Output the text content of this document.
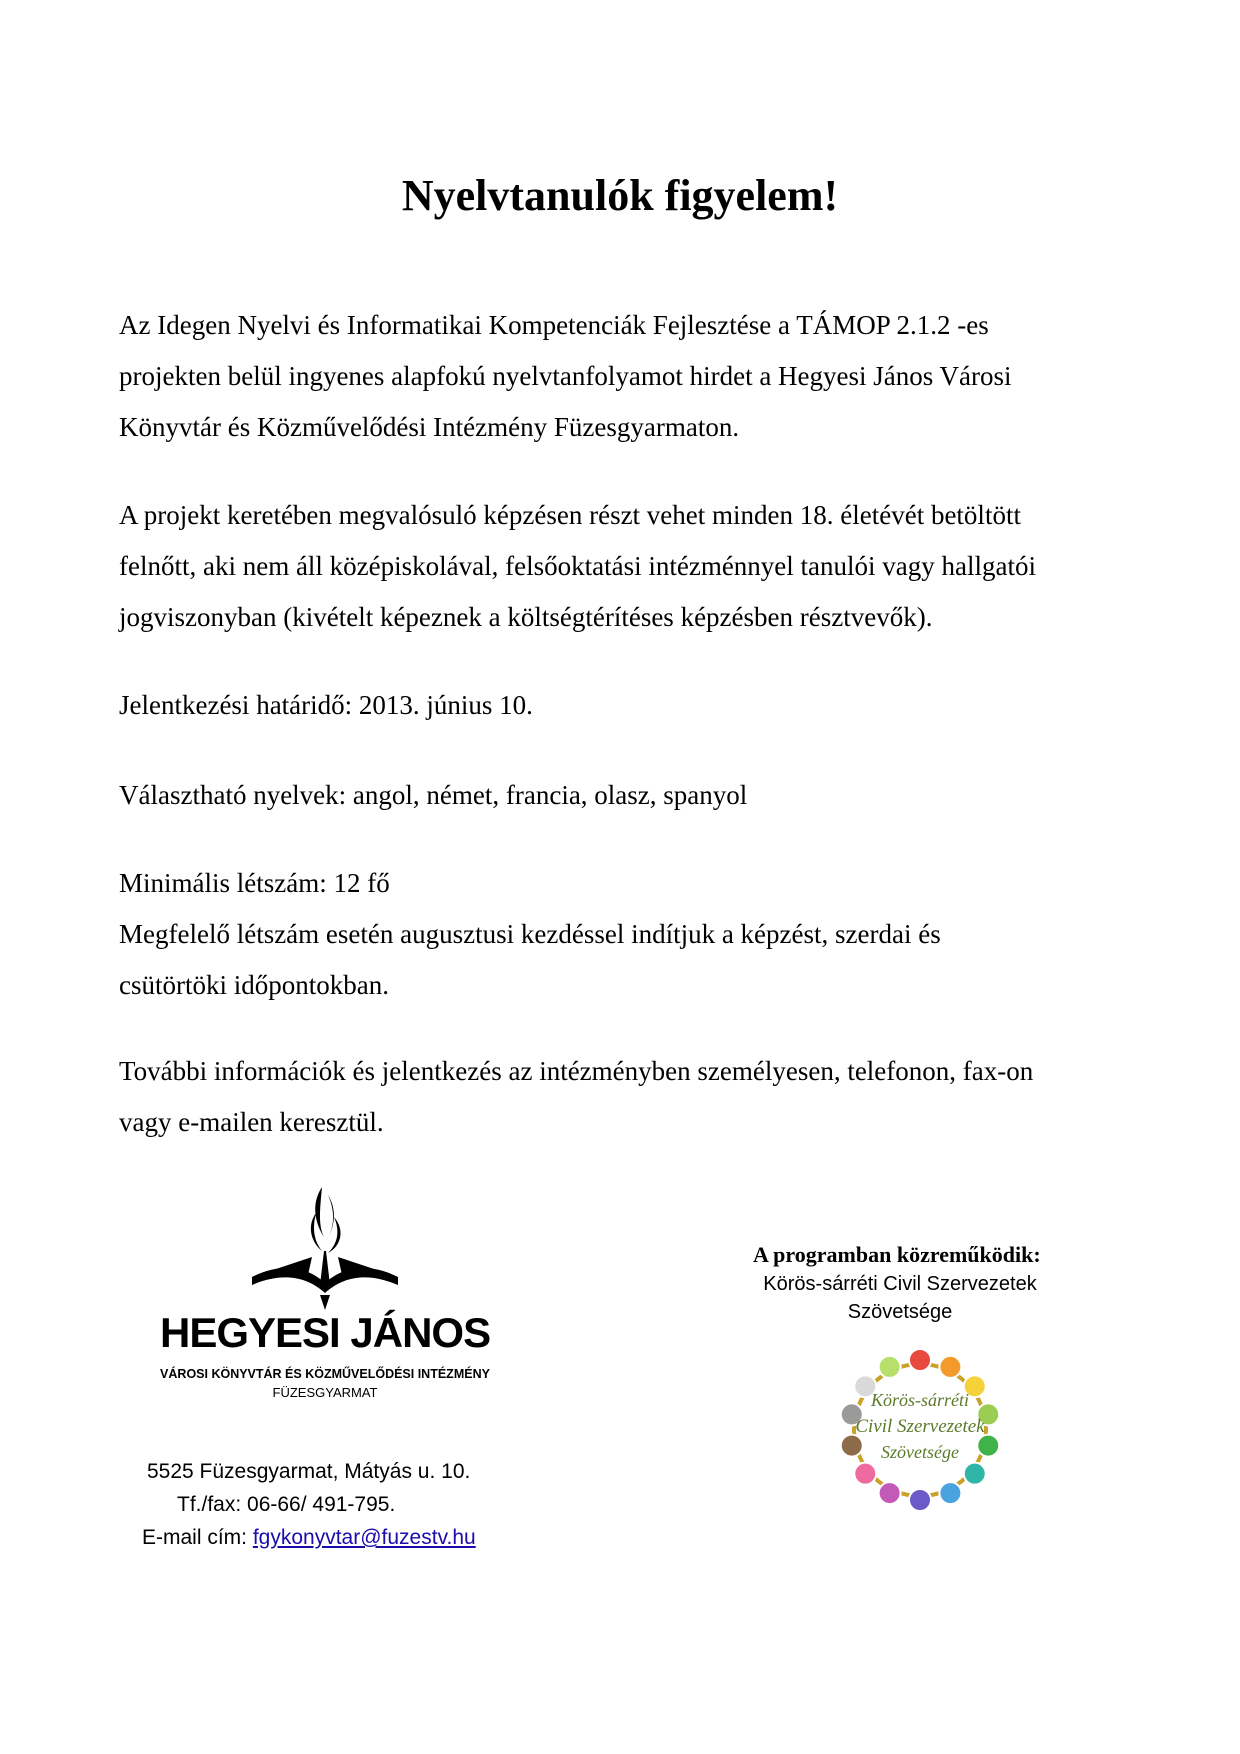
Nyelvtanulók figyelem!

Az Idegen Nyelvi és Informatikai Kompetenciák Fejlesztése a TÁMOP 2.1.2 -es
projekten belül ingyenes alapfokú nyelvtanfolyamot hirdet a Hegyesi János Városi
Könyvtár és Közművelődési Intézmény Füzesgyarmaton.

A projekt keretében megvalósuló képzésen részt vehet minden 18. életévét betöltött
felnőtt, aki nem áll középiskolával, felsőoktatási intézménnyel tanulói vagy hallgatói
jogviszonyban (kivételt képeznek a költségtérítéses képzésben résztvevők).

Jelentkezési határidő: 2013. június 10.

Választható nyelvek: angol, német, francia, olasz, spanyol

Minimális létszám: 12 fő
Megfelelő létszám esetén augusztusi kezdéssel indítjuk a képzést, szerdai és
csütörtöki időpontokban.

További információk és jelentkezés az intézményben személyesen, telefonon, fax-on
vagy e-mailen keresztül.

HEGYESI JÁNOS
VÁROSI KÖNYVTÁR ÉS KÖZMŰVELŐDÉSI INTÉZMÉNY
FÜZESGYARMAT
5525 Füzesgyarmat, Mátyás u. 10.
Tf./fax: 06-66/ 491-795.
E-mail cím: fgykonyvtar@fuzestv.hu

A programban közreműködik:

Körös-sárréti Civil Szervezetek

Szövetsége

Körös-sárréti
Civil Szervezetek
Szövetsége
